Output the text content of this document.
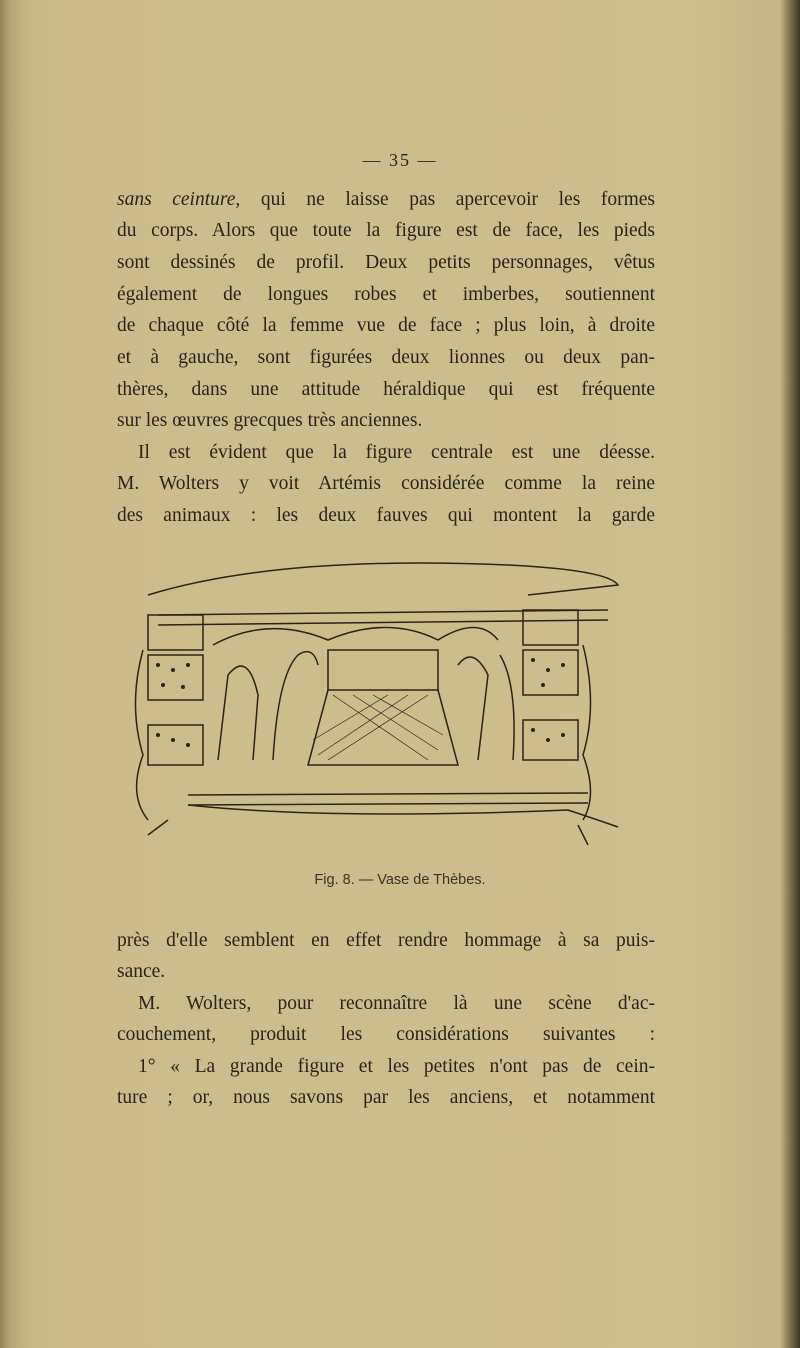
— 35 —
sans ceinture, qui ne laisse pas apercevoir les formes
du corps. Alors que toute la figure est de face, les pieds
sont dessinés de profil. Deux petits personnages, vêtus
également de longues robes et imberbes, soutiennent
de chaque côté la femme vue de face ; plus loin, à droite
et à gauche, sont figurées deux lionnes ou deux pan-
thères, dans une attitude héraldique qui est fréquente
sur les œuvres grecques très anciennes.
Il est évident que la figure centrale est une déesse.
M. Wolters y voit Artémis considérée comme la reine
des animaux : les deux fauves qui montent la garde
Fig. 8. — Vase de Thèbes.
près d'elle semblent en effet rendre hommage à sa puis-
sance.
M. Wolters, pour reconnaître là une scène d'ac-
couchement, produit les considérations suivantes :
1° « La grande figure et les petites n'ont pas de cein-
ture ; or, nous savons par les anciens, et notamment
